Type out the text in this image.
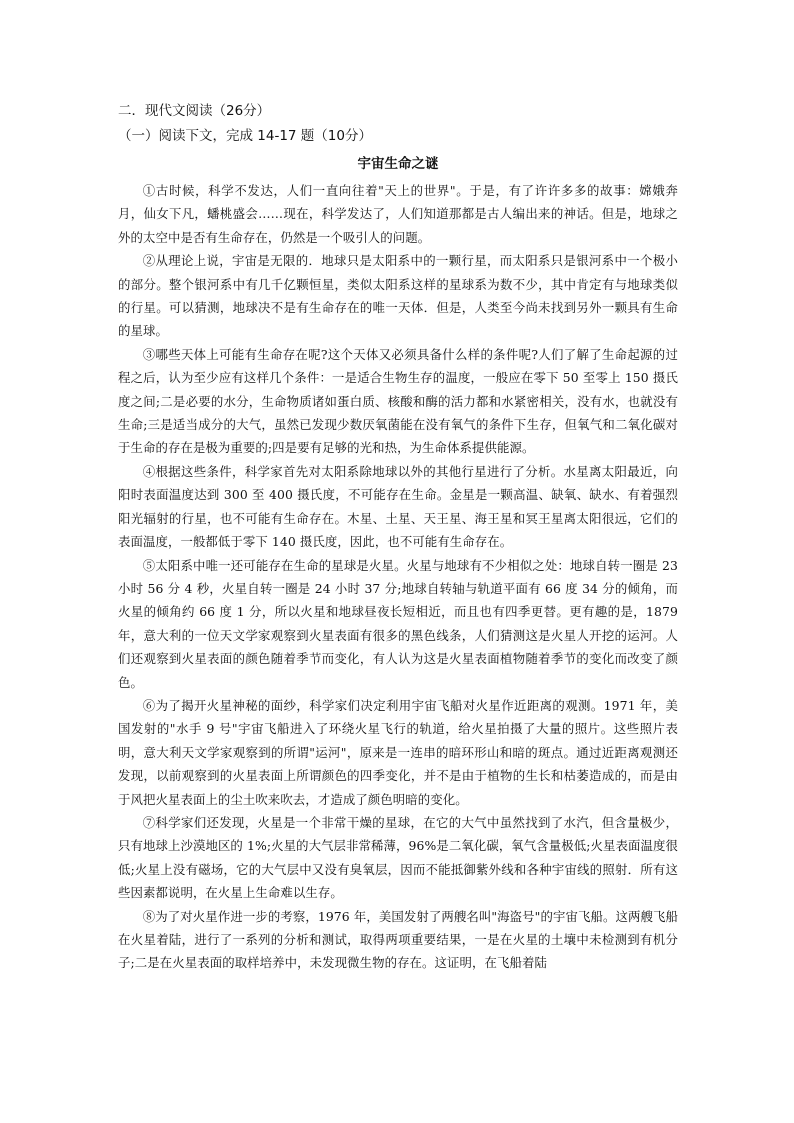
二．现代文阅读（26分）
（一）阅读下文，完成 14-17 题（10分）
宇宙生命之谜

①古时候，科学不发达，人们一直向往着"天上的世界"。于是，有了许许多多的故事：嫦娥奔月，仙女下凡，蟠桃盛会……现在，科学发达了，人们知道那都是古人编出来的神话。但是，地球之外的太空中是否有生命存在，仍然是一个吸引人的问题。

②从理论上说，宇宙是无限的．地球只是太阳系中的一颗行星，而太阳系只是银河系中一个极小的部分。整个银河系中有几千亿颗恒星，类似太阳系这样的星球系为数不少，其中肯定有与地球类似的行星。可以猜测，地球决不是有生命存在的唯一天体．但是，人类至今尚未找到另外一颗具有生命的星球。

③哪些天体上可能有生命存在呢?这个天体又必须具备什么样的条件呢?人们了解了生命起源的过程之后，认为至少应有这样几个条件：一是适合生物生存的温度，一般应在零下 50 至零上 150 摄氏度之间;二是必要的水分，生命物质诸如蛋白质、核酸和酶的活力都和水紧密相关，没有水，也就没有生命;三是适当成分的大气，虽然已发现少数厌氧菌能在没有氧气的条件下生存，但氧气和二氧化碳对于生命的存在是极为重要的;四是要有足够的光和热，为生命体系提供能源。

④根据这些条件，科学家首先对太阳系除地球以外的其他行星进行了分析。水星离太阳最近，向阳时表面温度达到 300 至 400 摄氏度，不可能存在生命。金星是一颗高温、缺氧、缺水、有着强烈阳光辐射的行星，也不可能有生命存在。木星、土星、天王星、海王星和冥王星离太阳很远，它们的表面温度，一般都低于零下 140 摄氏度，因此，也不可能有生命存在。

⑤太阳系中唯一还可能存在生命的星球是火星。火星与地球有不少相似之处：地球自转一圈是 23 小时 56 分 4 秒，火星自转一圈是 24 小时 37 分;地球自转轴与轨道平面有 66 度 34 分的倾角，而火星的倾角约 66 度 1 分，所以火星和地球昼夜长短相近，而且也有四季更替。更有趣的是，1879 年，意大利的一位天文学家观察到火星表面有很多的黑色线条，人们猜测这是火星人开挖的运河。人们还观察到火星表面的颜色随着季节而变化，有人认为这是火星表面植物随着季节的变化而改变了颜色。

⑥为了揭开火星神秘的面纱，科学家们决定利用宇宙飞船对火星作近距离的观测。1971 年，美国发射的"水手 9 号"宇宙飞船进入了环绕火星飞行的轨道，给火星拍摄了大量的照片。这些照片表明，意大利天文学家观察到的所谓"运河"，原来是一连串的暗环形山和暗的斑点。通过近距离观测还发现，以前观察到的火星表面上所谓颜色的四季变化，并不是由于植物的生长和枯萎造成的，而是由于风把火星表面上的尘土吹来吹去，才造成了颜色明暗的变化。

⑦科学家们还发现，火星是一个非常干燥的星球，在它的大气中虽然找到了水汽，但含量极少，只有地球上沙漠地区的 1%;火星的大气层非常稀薄，96%是二氧化碳，氧气含量极低;火星表面温度很低;火星上没有磁场，它的大气层中又没有臭氧层，因而不能抵御紫外线和各种宇宙线的照射．所有这些因素都说明，在火星上生命难以生存。

⑧为了对火星作进一步的考察，1976 年，美国发射了两艘名叫"海盗号"的宇宙飞船。这两艘飞船在火星着陆，进行了一系列的分析和测试，取得两项重要结果，一是在火星的土壤中未检测到有机分子;二是在火星表面的取样培养中，未发现微生物的存在。这证明，在飞船着陆
